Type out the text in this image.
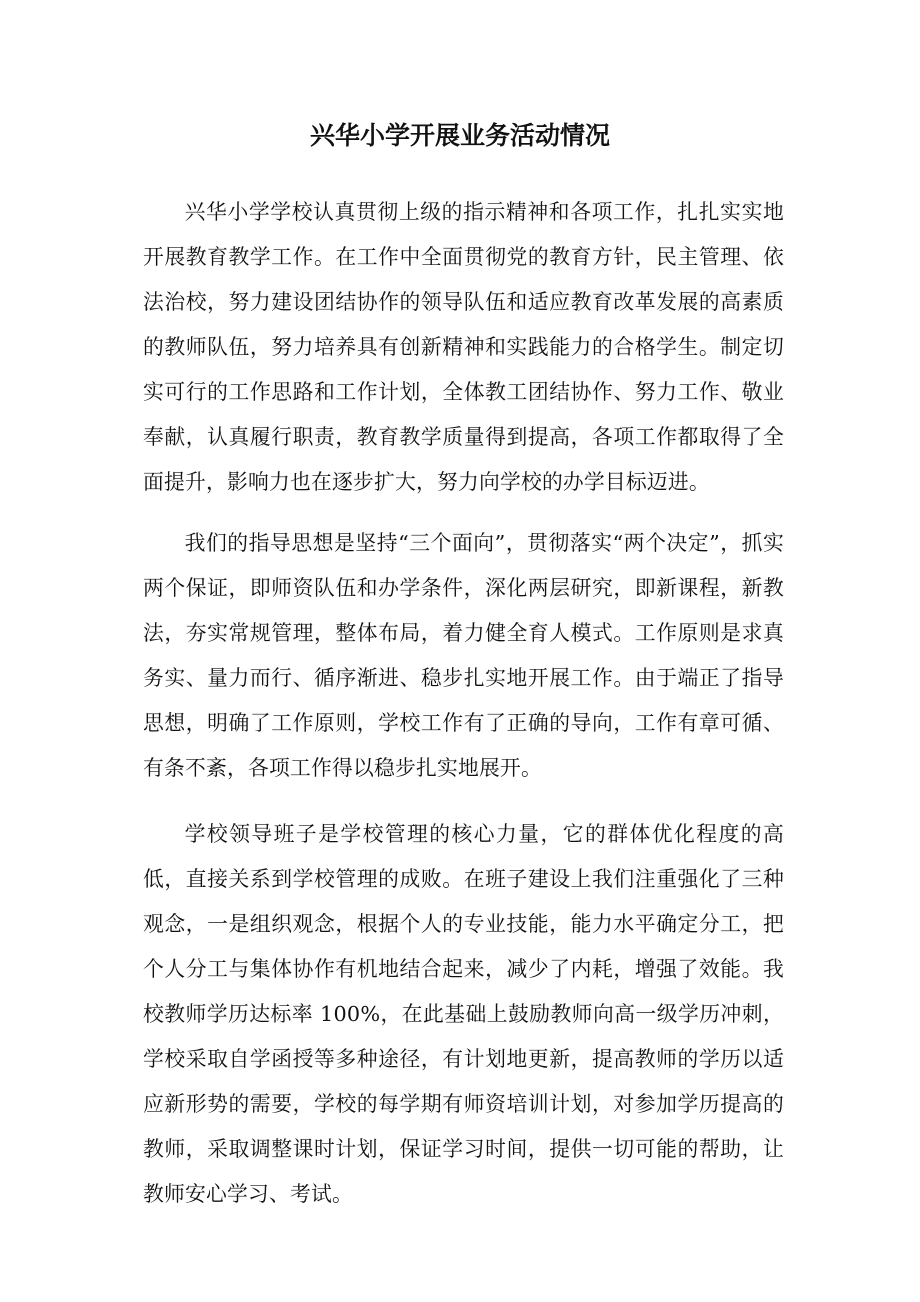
兴华小学开展业务活动情况

兴华小学学校认真贯彻上级的指示精神和各项工作，扎扎实实地开展教育教学工作。在工作中全面贯彻党的教育方针，民主管理、依法治校，努力建设团结协作的领导队伍和适应教育改革发展的高素质的教师队伍，努力培养具有创新精神和实践能力的合格学生。制定切实可行的工作思路和工作计划，全体教工团结协作、努力工作、敬业奉献，认真履行职责，教育教学质量得到提高，各项工作都取得了全面提升，影响力也在逐步扩大，努力向学校的办学目标迈进。

我们的指导思想是坚持“三个面向”，贯彻落实“两个决定”，抓实两个保证，即师资队伍和办学条件，深化两层研究，即新课程，新教法，夯实常规管理，整体布局，着力健全育人模式。工作原则是求真务实、量力而行、循序渐进、稳步扎实地开展工作。由于端正了指导思想，明确了工作原则，学校工作有了正确的导向，工作有章可循、有条不紊，各项工作得以稳步扎实地展开。

学校领导班子是学校管理的核心力量，它的群体优化程度的高低，直接关系到学校管理的成败。在班子建设上我们注重强化了三种观念，一是组织观念，根据个人的专业技能，能力水平确定分工，把个人分工与集体协作有机地结合起来，减少了内耗，增强了效能。我校教师学历达标率 100%，在此基础上鼓励教师向高一级学历冲刺，学校采取自学函授等多种途径，有计划地更新，提高教师的学历以适应新形势的需要，学校的每学期有师资培训计划，对参加学历提高的教师，采取调整课时计划，保证学习时间，提供一切可能的帮助，让教师安心学习、考试。
